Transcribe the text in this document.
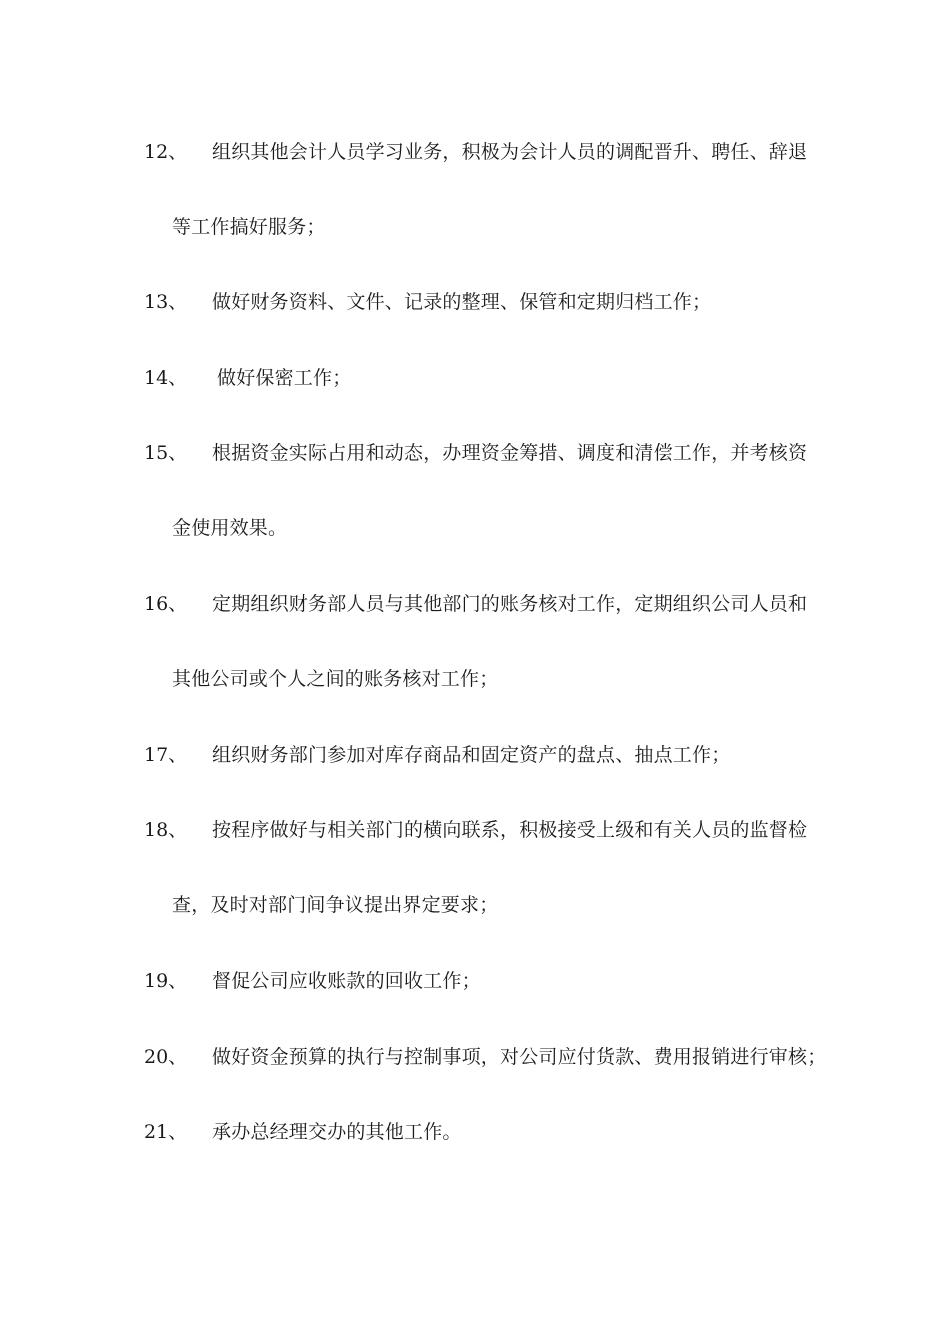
12、 组织其他会计人员学习业务，积极为会计人员的调配晋升、聘任、辞退
等工作搞好服务；
13、 做好财务资料、文件、记录的整理、保管和定期归档工作；
14、 做好保密工作；
15、 根据资金实际占用和动态，办理资金筹措、调度和清偿工作，并考核资
金使用效果。
16、 定期组织财务部人员与其他部门的账务核对工作，定期组织公司人员和
其他公司或个人之间的账务核对工作；
17、 组织财务部门参加对库存商品和固定资产的盘点、抽点工作；
18、 按程序做好与相关部门的横向联系，积极接受上级和有关人员的监督检
查，及时对部门间争议提出界定要求；
19、 督促公司应收账款的回收工作；
20、 做好资金预算的执行与控制事项，对公司应付货款、费用报销进行审核；
21、 承办总经理交办的其他工作。
